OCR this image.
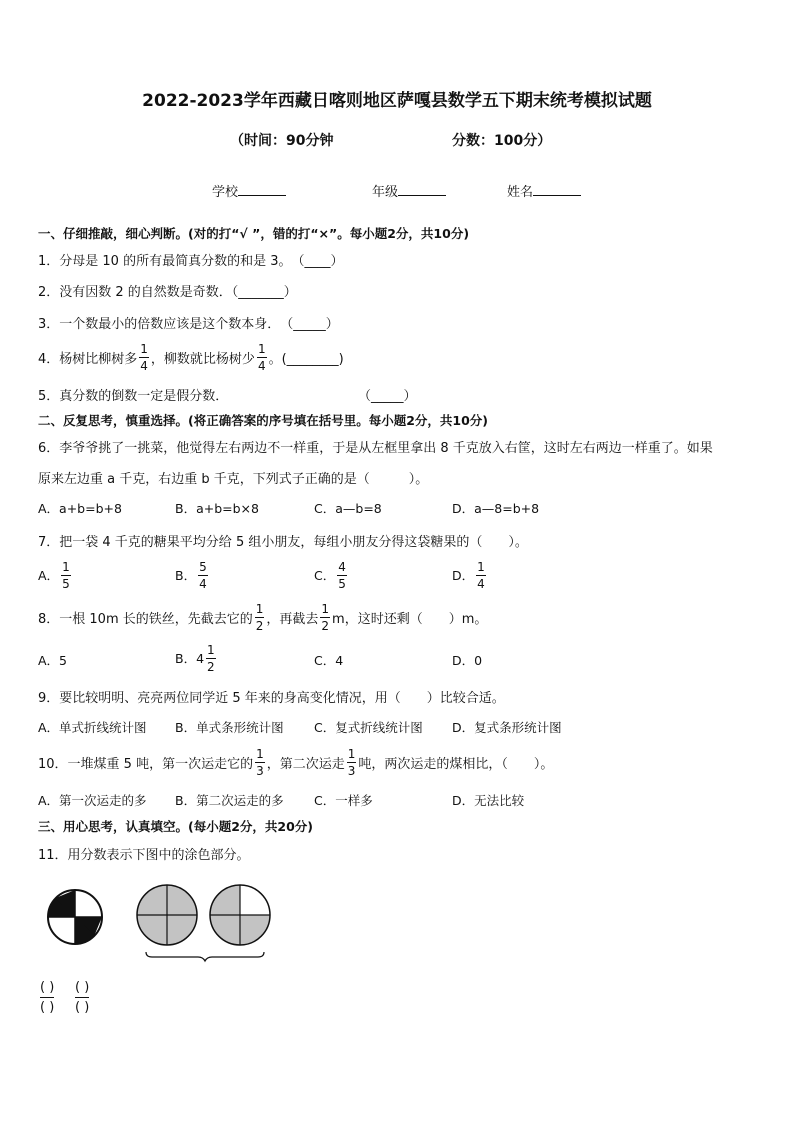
2022-2023学年西藏日喀则地区萨嘎县数学五下期末统考模拟试题
（时间：90分钟	分数：100分）
学校	年级	姓名
一、仔细推敲，细心判断。(对的打“√ ”，错的打“×”。每小题2分，共10分)
1．分母是 10 的所有最简真分数的和是 3。　（____）
2．没有因数 2 的自然数是奇数．（_______）
3．一个数最小的倍数应该是这个数本身．　（_____）
4．杨树比柳树多 $\frac{1}{4}$ ，柳数就比杨树少 $\frac{1}{4}$ 。(________)
5．真分数的倒数一定是假分数．	（_____）
二、反复思考，慎重选择。(将正确答案的序号填在括号里。每小题2分，共10分)
6．李爷爷挑了一挑菜，他觉得左右两边不一样重，于是从左框里拿出 8 千克放入右筐，这时左右两边一样重了。如果
原来左边重 a 千克，右边重 b 千克，下列式子正确的是（　　　）。
A．a+b=b+8	B．a+b=b×8	C．a—b=8	D．a—8=b+8
7．把一袋 4 千克的糖果平均分给 5 组小朋友，每组小朋友分得这袋糖果的（　　）。
A． $\frac{1}{5}$	B． $\frac{5}{4}$	C． $\frac{4}{5}$	D． $\frac{1}{4}$
8．一根 10m 长的铁丝，先截去它的 $\frac{1}{2}$ ，再截去 $\frac{1}{2}$ m，这时还剩（　　）m。
A．5	B．$4 \frac{1}{2}$	C．4	D．0
9．要比较明明、亮亮两位同学近 5 年来的身高变化情况，用（　　）比较合适。
A．单式折线统计图 B．单式条形统计图 C．复式折线统计图 D．复式条形统计图
10．一堆煤重 5 吨，第一次运走它的 $\frac{1}{3}$ ，第二次运走 $\frac{1}{3}$ 吨，两次运走的煤相比，（　　）。
A．第一次运走的多 B．第二次运走的多 C．一样多	D．无法比较
三、用心思考，认真填空。(每小题2分，共20分)
11．用分数表示下图中的涂色部分。
( )
( )
( )
( )
